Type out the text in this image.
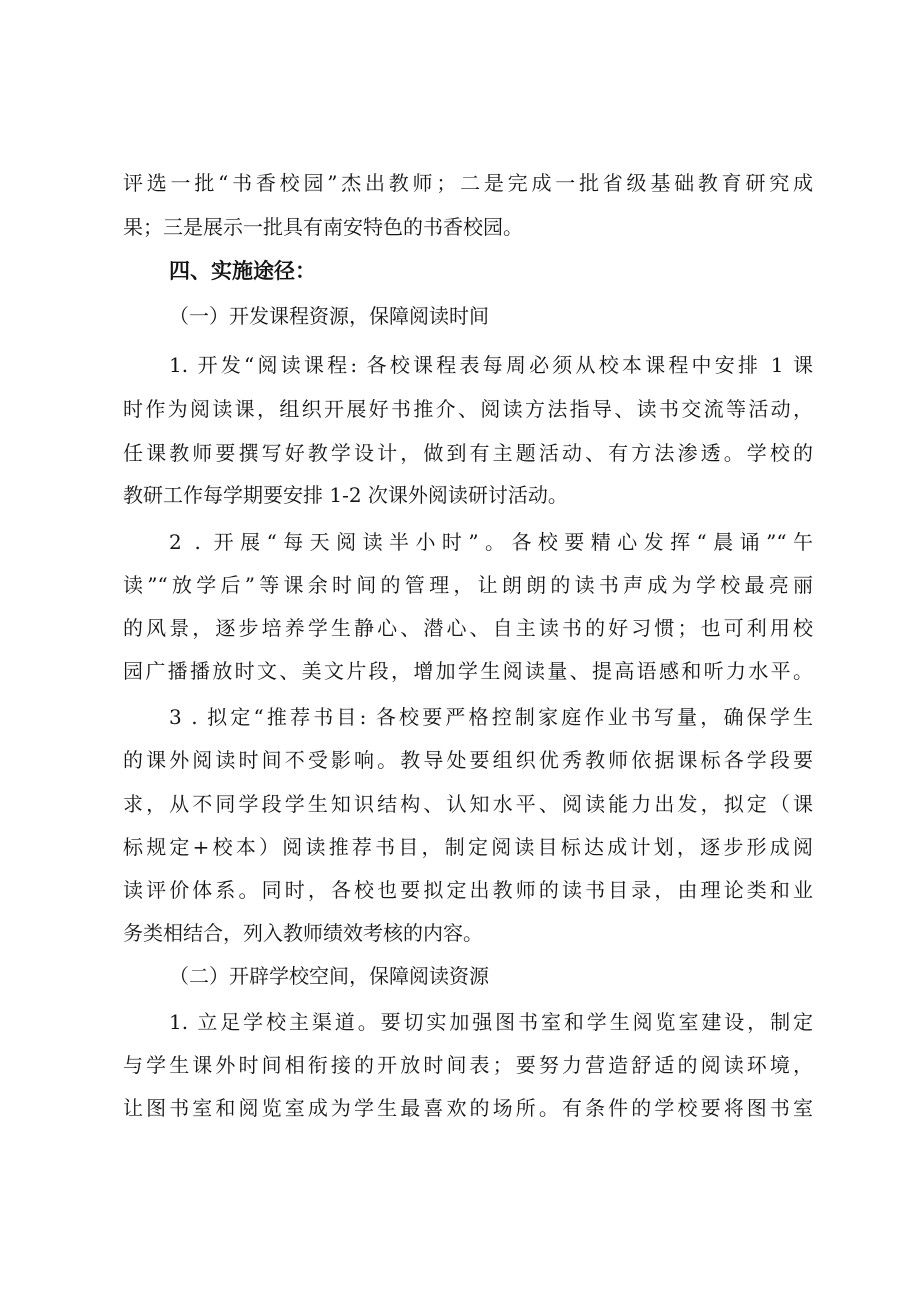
评选一批“书香校园”杰出教师；二是完成一批省级基础教育研究成
果；三是展示一批具有南安特色的书香校园。
四、实施途径：
（一）开发课程资源，保障阅读时间
1. 开发“阅读课程: 各校课程表每周必须从校本课程中安排 1 课
时作为阅读课，组织开展好书推介、阅读方法指导、读书交流等活动，
任课教师要撰写好教学设计，做到有主题活动、有方法渗透。学校的
教研工作每学期要安排 1-2 次课外阅读研讨活动。
2 . 开展“每天阅读半小时”。各校要精心发挥“晨诵”“午
读”“放学后”等课余时间的管理，让朗朗的读书声成为学校最亮丽
的风景，逐步培养学生静心、潜心、自主读书的好习惯；也可利用校
园广播播放时文、美文片段，增加学生阅读量、提高语感和听力水平。
3 . 拟定“推荐书目: 各校要严格控制家庭作业书写量，确保学生
的课外阅读时间不受影响。教导处要组织优秀教师依据课标各学段要
求，从不同学段学生知识结构、认知水平、阅读能力出发，拟定（课
标规定+校本）阅读推荐书目，制定阅读目标达成计划，逐步形成阅
读评价体系。同时，各校也要拟定出教师的读书目录，由理论类和业
务类相结合，列入教师绩效考核的内容。
（二）开辟学校空间，保障阅读资源
1. 立足学校主渠道。要切实加强图书室和学生阅览室建设，制定
与学生课外时间相衔接的开放时间表；要努力营造舒适的阅读环境，
让图书室和阅览室成为学生最喜欢的场所。有条件的学校要将图书室
